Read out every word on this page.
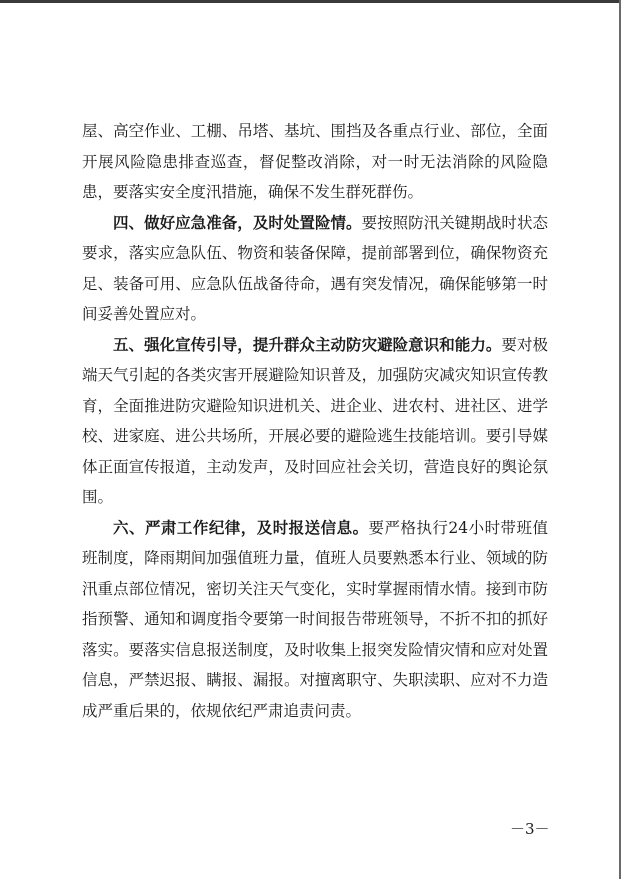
屋、高空作业、工棚、吊塔、基坑、围挡及各重点行业、部位，全面开展风险隐患排查巡查，督促整改消除，对一时无法消除的风险隐患，要落实安全度汛措施，确保不发生群死群伤。

四、做好应急准备，及时处置险情。要按照防汛关键期战时状态要求，落实应急队伍、物资和装备保障，提前部署到位，确保物资充足、装备可用、应急队伍战备待命，遇有突发情况，确保能够第一时间妥善处置应对。

五、强化宣传引导，提升群众主动防灾避险意识和能力。要对极端天气引起的各类灾害开展避险知识普及，加强防灾减灾知识宣传教育，全面推进防灾避险知识进机关、进企业、进农村、进社区、进学校、进家庭、进公共场所，开展必要的避险逃生技能培训。要引导媒体正面宣传报道，主动发声，及时回应社会关切，营造良好的舆论氛围。

六、严肃工作纪律，及时报送信息。要严格执行24小时带班值班制度，降雨期间加强值班力量，值班人员要熟悉本行业、领域的防汛重点部位情况，密切关注天气变化，实时掌握雨情水情。接到市防指预警、通知和调度指令要第一时间报告带班领导，不折不扣的抓好落实。要落实信息报送制度，及时收集上报突发险情灾情和应对处置信息，严禁迟报、瞒报、漏报。对擅离职守、失职渎职、应对不力造成严重后果的，依规依纪严肃追责问责。

－3－
